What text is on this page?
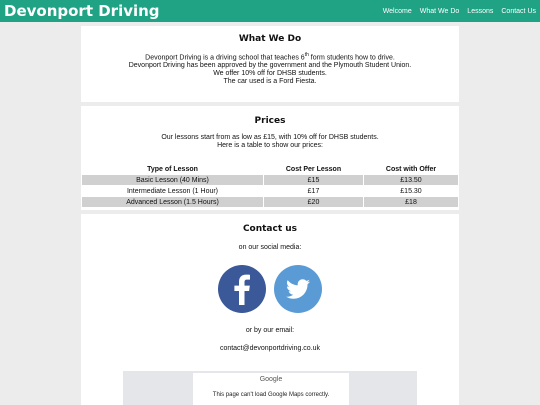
Devonport Driving	Welcome What We Do Lessons Contact Us
What We Do

Devonport Driving is a driving school that teaches 6th form students how to drive.

Devonport Driving has been approved by the government and the Plymouth Student Union.

We offer 10% off for DHSB students.

The car used is a Ford Fiesta.

Prices

Our lessons start from as low as £15, with 10% off for DHSB students.

Here is a table to show our prices:

Type of Lesson	Cost Per Lesson	Cost with Offer
Basic Lesson (40 Mins)	£15	£13.50
Intermediate Lesson (1 Hour)	£17	£15.30
Advanced Lesson (1.5 Hours)	£20	£18
Contact us

on our social media:

or by our email:

contact@devonportdriving.co.uk

Google
This page can't load Google Maps correctly.
